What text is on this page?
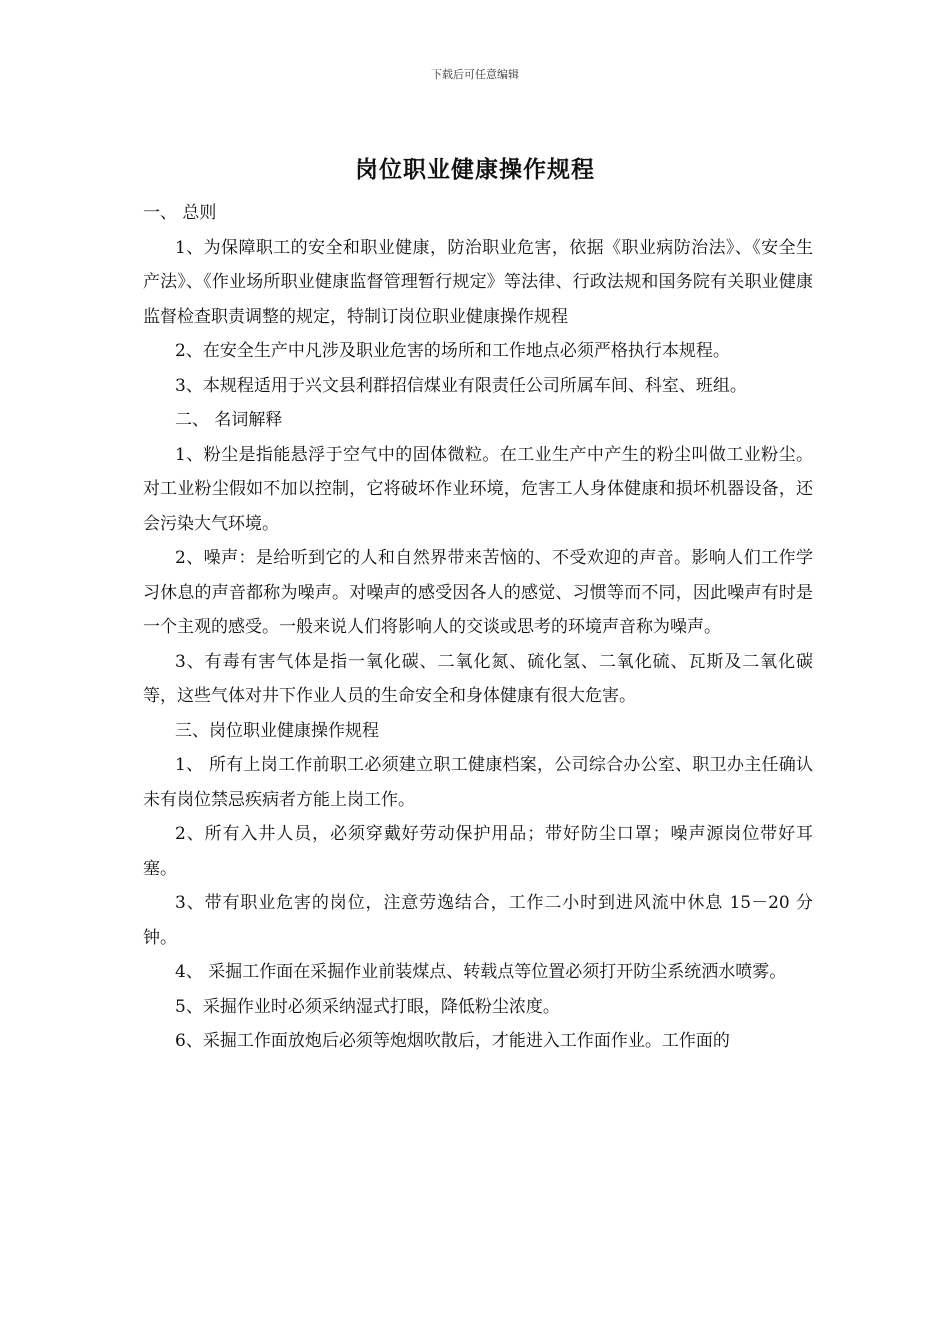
下载后可任意编辑
岗位职业健康操作规程

一、 总则

1、为保障职工的安全和职业健康，防治职业危害，依据《职业病防治法》、《安全生产法》、《作业场所职业健康监督管理暂行规定》等法律、行政法规和国务院有关职业健康监督检查职责调整的规定，特制订岗位职业健康操作规程

2、在安全生产中凡涉及职业危害的场所和工作地点必须严格执行本规程。

3、本规程适用于兴文县利群招信煤业有限责任公司所属车间、科室、班组。

二、 名词解释

1、粉尘是指能悬浮于空气中的固体微粒。在工业生产中产生的粉尘叫做工业粉尘。对工业粉尘假如不加以控制，它将破坏作业环境，危害工人身体健康和损坏机器设备，还会污染大气环境。

2、噪声：是给听到它的人和自然界带来苦恼的、不受欢迎的声音。影响人们工作学习休息的声音都称为噪声。对噪声的感受因各人的感觉、习惯等而不同，因此噪声有时是一个主观的感受。一般来说人们将影响人的交谈或思考的环境声音称为噪声。

3、有毒有害气体是指一氧化碳、二氧化氮、硫化氢、二氧化硫、瓦斯及二氧化碳等，这些气体对井下作业人员的生命安全和身体健康有很大危害。

三、岗位职业健康操作规程

1、 所有上岗工作前职工必须建立职工健康档案，公司综合办公室、职卫办主任确认未有岗位禁忌疾病者方能上岗工作。

2、所有入井人员，必须穿戴好劳动保护用品；带好防尘口罩；噪声源岗位带好耳塞。

3、带有职业危害的岗位，注意劳逸结合，工作二小时到进风流中休息 15－20 分钟。

4、 采掘工作面在采掘作业前装煤点、转载点等位置必须打开防尘系统洒水喷雾。

5、采掘作业时必须采纳湿式打眼，降低粉尘浓度。

6、采掘工作面放炮后必须等炮烟吹散后，才能进入工作面作业。工作面的
